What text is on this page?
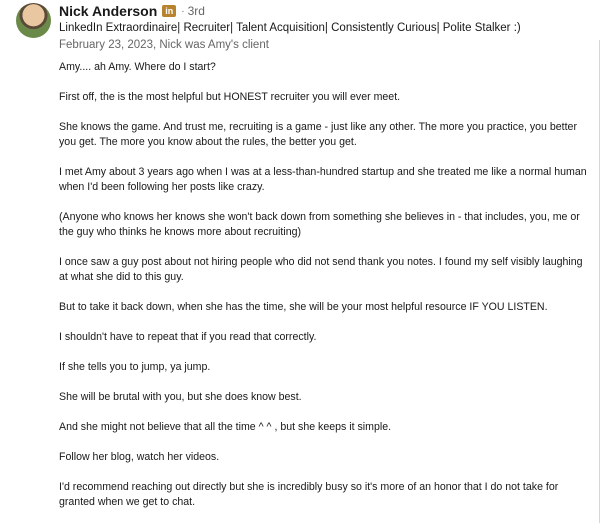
Nick Anderson in · 3rd
LinkedIn Extraordinaire| Recruiter| Talent Acquisition| Consistently Curious| Polite Stalker :)
February 23, 2023, Nick was Amy's client

Amy.... ah Amy. Where do I start?

First off, the is the most helpful but HONEST recruiter you will ever meet.

She knows the game. And trust me, recruiting is a game - just like any other. The more you practice, you better you get. The more you know about the rules, the better you get.

I met Amy about 3 years ago when I was at a less-than-hundred startup and she treated me like a normal human when I'd been following her posts like crazy.

(Anyone who knows her knows she won't back down from something she believes in - that includes, you, me or the guy who thinks he knows more about recruiting)

I once saw a guy post about not hiring people who did not send thank you notes. I found my self visibly laughing at what she did to this guy.

But to take it back down, when she has the time, she will be your most helpful resource IF YOU LISTEN.

I shouldn't have to repeat that if you read that correctly.

If she tells you to jump, ya jump.

She will be brutal with you, but she does know best.

And she might not believe that all the time ^ ^ , but she keeps it simple.

Follow her blog, watch her videos.

I'd recommend reaching out directly but she is incredibly busy so it's more of an honor that I do not take for granted when we get to chat.
